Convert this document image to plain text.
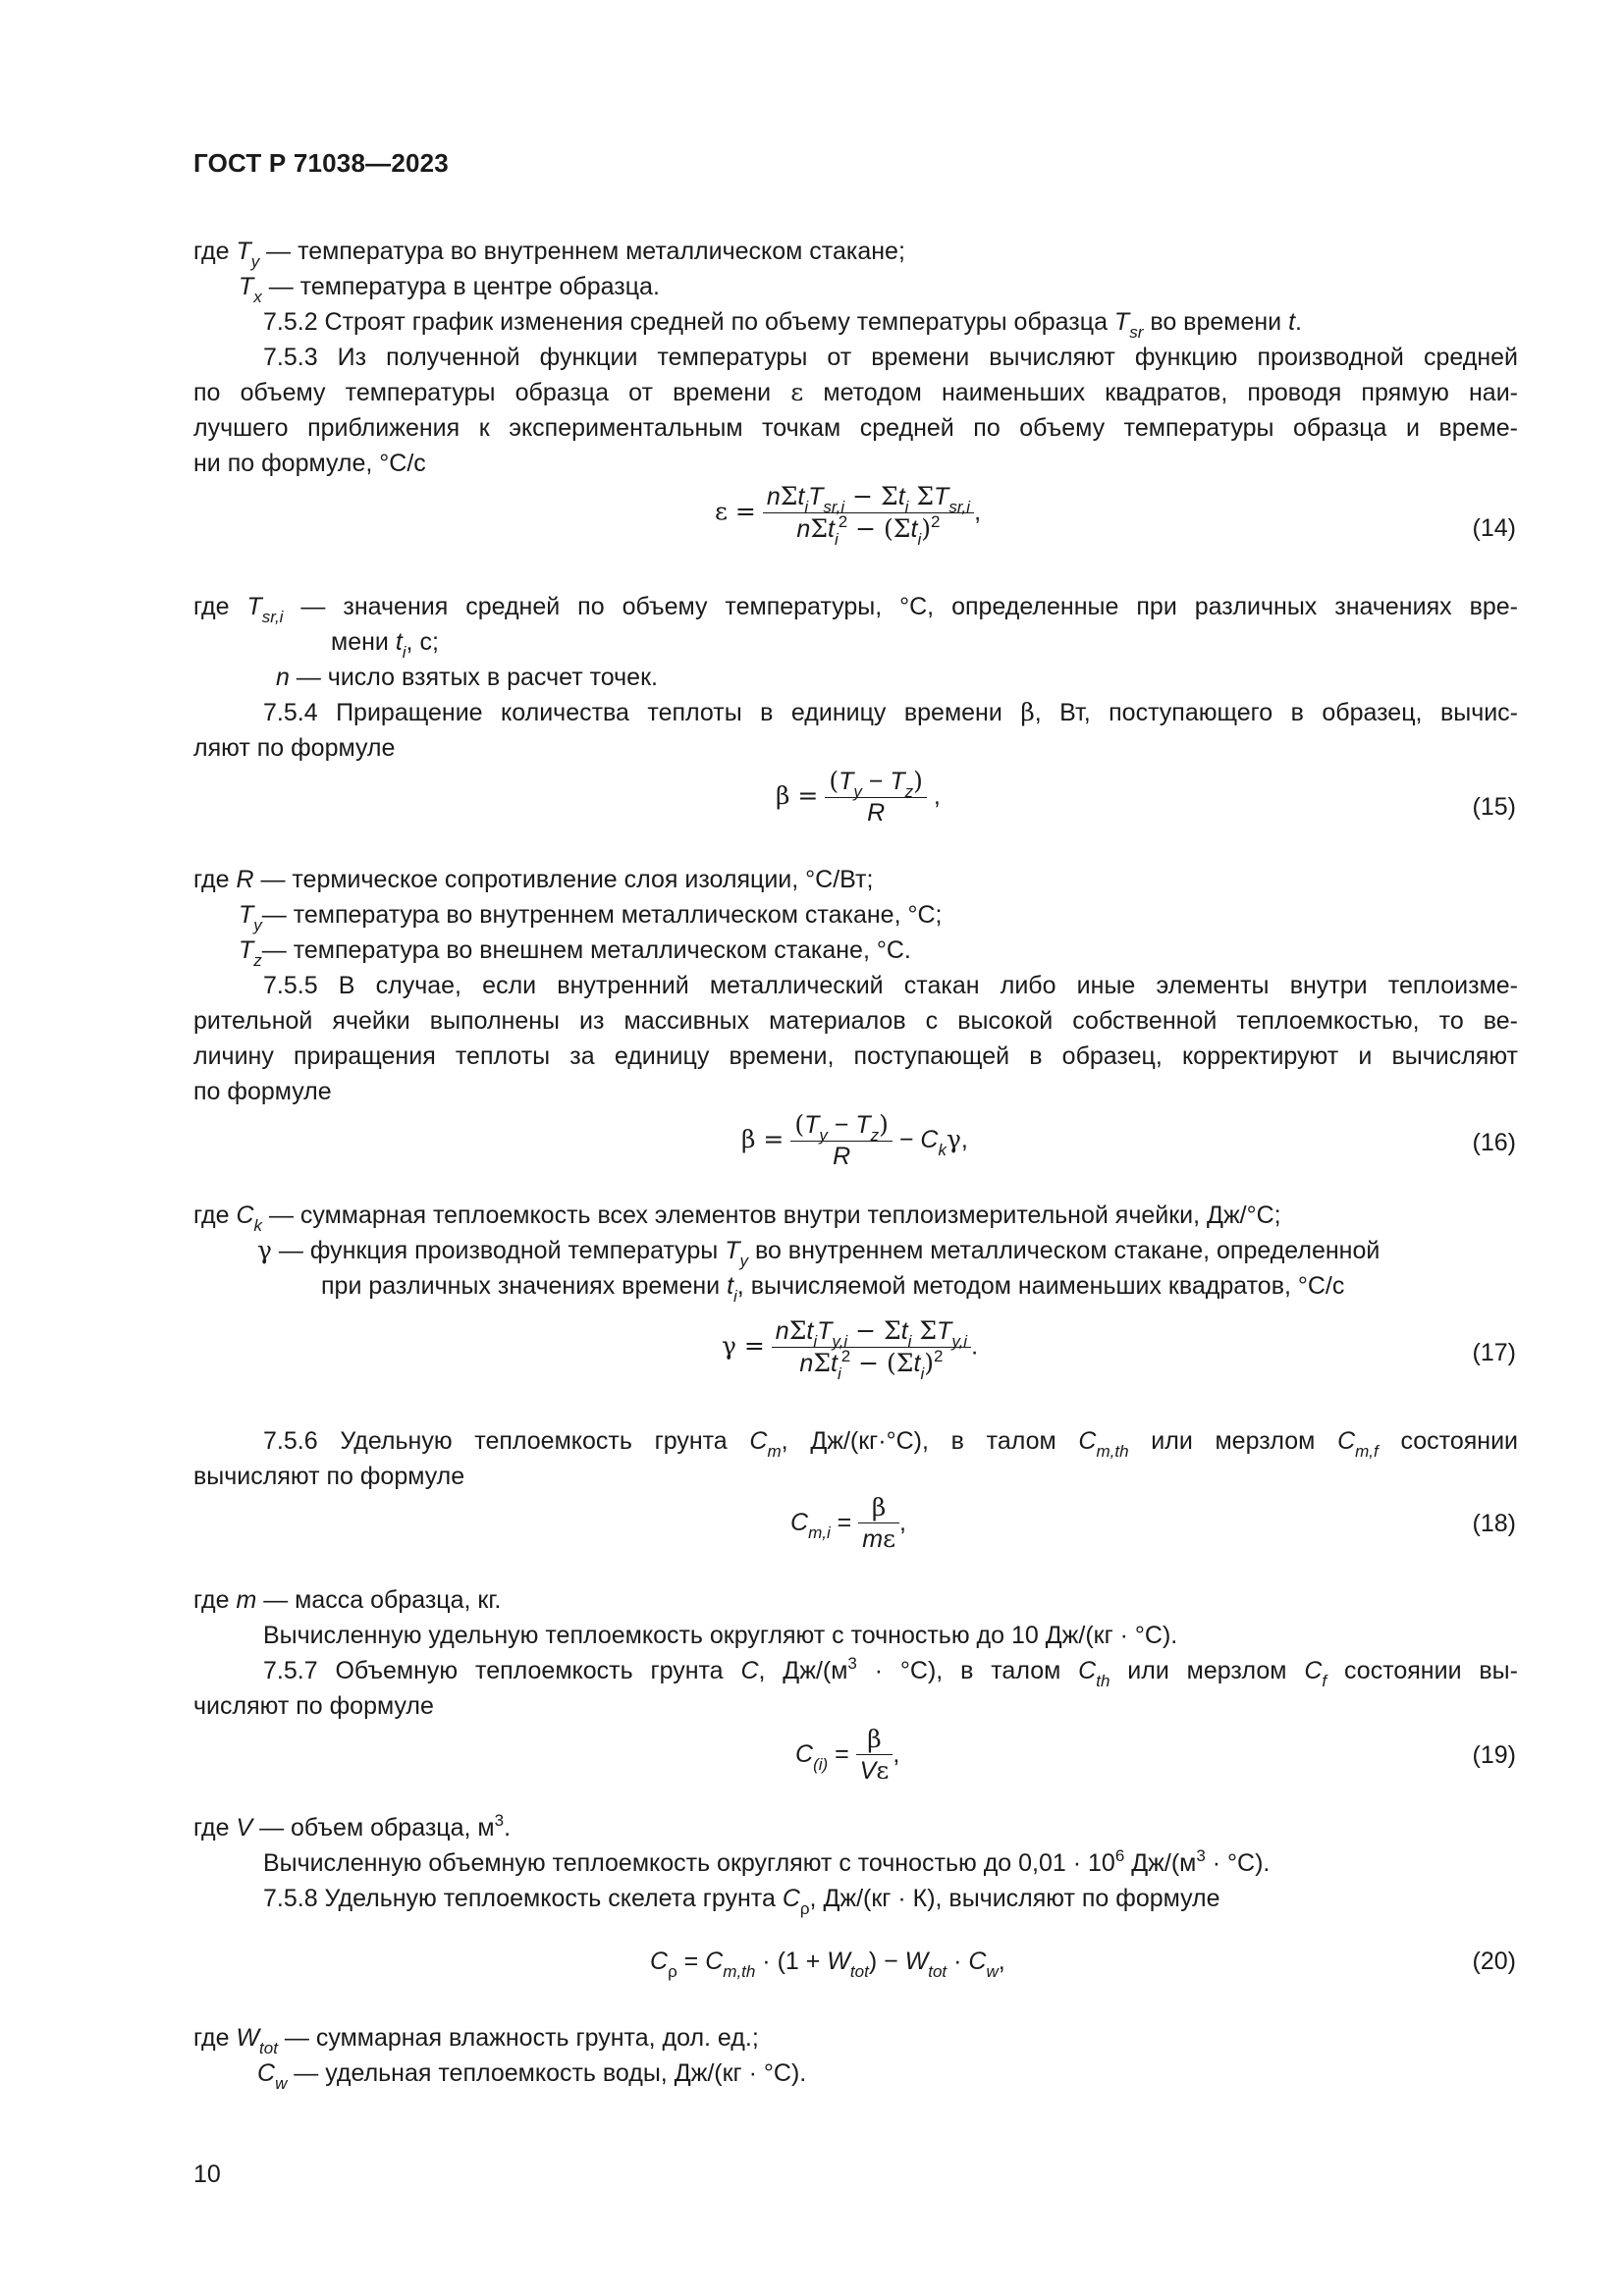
ГОСТ Р 71038—2023
где $T_y$ — температура во внутреннем металлическом стакане;
$T_x$ — температура в центре образца.
7.5.2 Строят график изменения средней по объему температуры образца $T_{sr}$ во времени t.
7.5.3 Из полученной функции температуры от времени вычисляют функцию производной средней
по объему температуры образца от времени ε методом наименьших квадратов, проводя прямую наи-
лучшего приближения к экспериментальным точкам средней по объему температуры образца и време-
ни по формуле, °С/с
$\varepsilon = \frac{n\Sigma t_iT_{sr,i} - \Sigma t_i \Sigma T_{sr,i}}{n\Sigma t_i^2 - (\Sigma t_i)^2}$ ,
(14)
где $T_{sr,i}$ — значения средней по объему температуры, °С, определенные при различных значениях вре-
мени $t_i$, с;
n — число взятых в расчет точек.
7.5.4 Приращение количества теплоты в единицу времени β, Вт, поступающего в образец, вычис-
ляют по формуле
$\beta = \frac{(T_y - T_z)}{R}$ ,	(15)
где R — термическое сопротивление слоя изоляции, °С/Вт;
$T_y—$ температура во внутреннем металлическом стакане, °С;
$T_z—$ температура во внешнем металлическом стакане, °С.
7.5.5 В случае, если внутренний металлический стакан либо иные элементы внутри теплоизме-
рительной ячейки выполнены из массивных материалов с высокой собственной теплоемкостью, то ве-
личину приращения теплоты за единицу времени, поступающей в образец, корректируют и вычисляют
по формуле
$\beta = \frac{(T_y - T_z)}{R} - C_k\gamma$,	(16)
где $C_k$ — суммарная теплоемкость всех элементов внутри теплоизмерительной ячейки, Дж/°С;
γ — функция производной температуры $T_y$ во внутреннем металлическом стакане, определенной
при различных значениях времени $t_i$, вычисляемой методом наименьших квадратов, °С/с
$\gamma = \frac{n\Sigma t_iT_{y,i} - \Sigma t_i \Sigma T_{y,i}}{n\Sigma t_i^2 - (\Sigma t_i)^2}$ .	(17)
7.5.6 Удельную теплоемкость грунта $C_m$, Дж/(кг·°С), в талом $C_{m,th}$ или мерзлом $C_{m,f}$ состоянии
вычисляют по формуле
$C_{m,i} = \frac{\beta}{m\varepsilon}$ ,	(18)
где m — масса образца, кг.
Вычисленную удельную теплоемкость округляют с точностью до 10 Дж/(кг · °С).
7.5.7 Объемную теплоемкость грунта C, $Дж/(м^3 \cdot ^\circ С)$, в талом $C_{th}$ или мерзлом $C_f$ состоянии вы-
числяют по формуле
$C_{(i)} = \frac{\beta}{V\varepsilon}$ ,	(19)
где V — объем образца, $м^3$.
Вычисленную объемную теплоемкость округляют с точностью до $0,01 \cdot 10^6$ $Дж/(м^3 \cdot ^\circ С)$.
7.5.8 Удельную теплоемкость скелета грунта $C_\rho$, Дж/(кг · К), вычисляют по формуле
$C_\rho = C_{m,th} \cdot (1 + W_{tot}) - W_{tot} \cdot C_w$,	(20)
где $W_{tot}$ — суммарная влажность грунта, дол. ед.;
$C_w$ — удельная теплоемкость воды, Дж/(кг · °С).
10
